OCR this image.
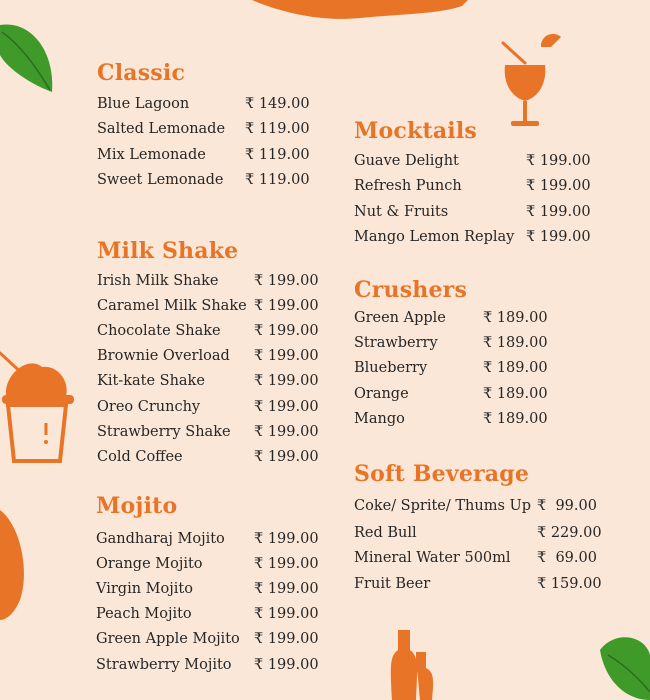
Classic
Blue Lagoon	₹ 149.00
Salted Lemonade ₹ 119.00
Mix Lemonade	₹ 119.00
Sweet Lemonade ₹ 119.00
Milk Shake
Irish Milk Shake ₹ 199.00
Caramel Milk Shake ₹ 199.00
Chocolate Shake ₹ 199.00
Brownie Overload ₹ 199.00
Kit-kate Shake	₹ 199.00
Oreo Crunchy	₹ 199.00
Strawberry Shake ₹ 199.00
Cold Coffee	₹ 199.00
Mojito
Gandharaj Mojito ₹ 199.00
Orange Mojito	₹ 199.00
Virgin Mojito	₹ 199.00
Peach Mojito	₹ 199.00
Green Apple Mojito ₹ 199.00
Strawberry Mojito ₹ 199.00
Mocktails
Guave Delight	₹ 199.00
Refresh Punch	₹ 199.00
Nut & Fruits	₹ 199.00
Mango Lemon Replay ₹ 199.00
Crushers
Green Apple	₹ 189.00
Strawberry	₹ 189.00
Blueberry	₹ 189.00
Orange	₹ 189.00
Mango	₹ 189.00
Soft Beverage
Coke/ Sprite/ Thums Up ₹  99.00
Red Bull	₹ 229.00
Mineral Water 500ml ₹  69.00
Fruit Beer	₹ 159.00
